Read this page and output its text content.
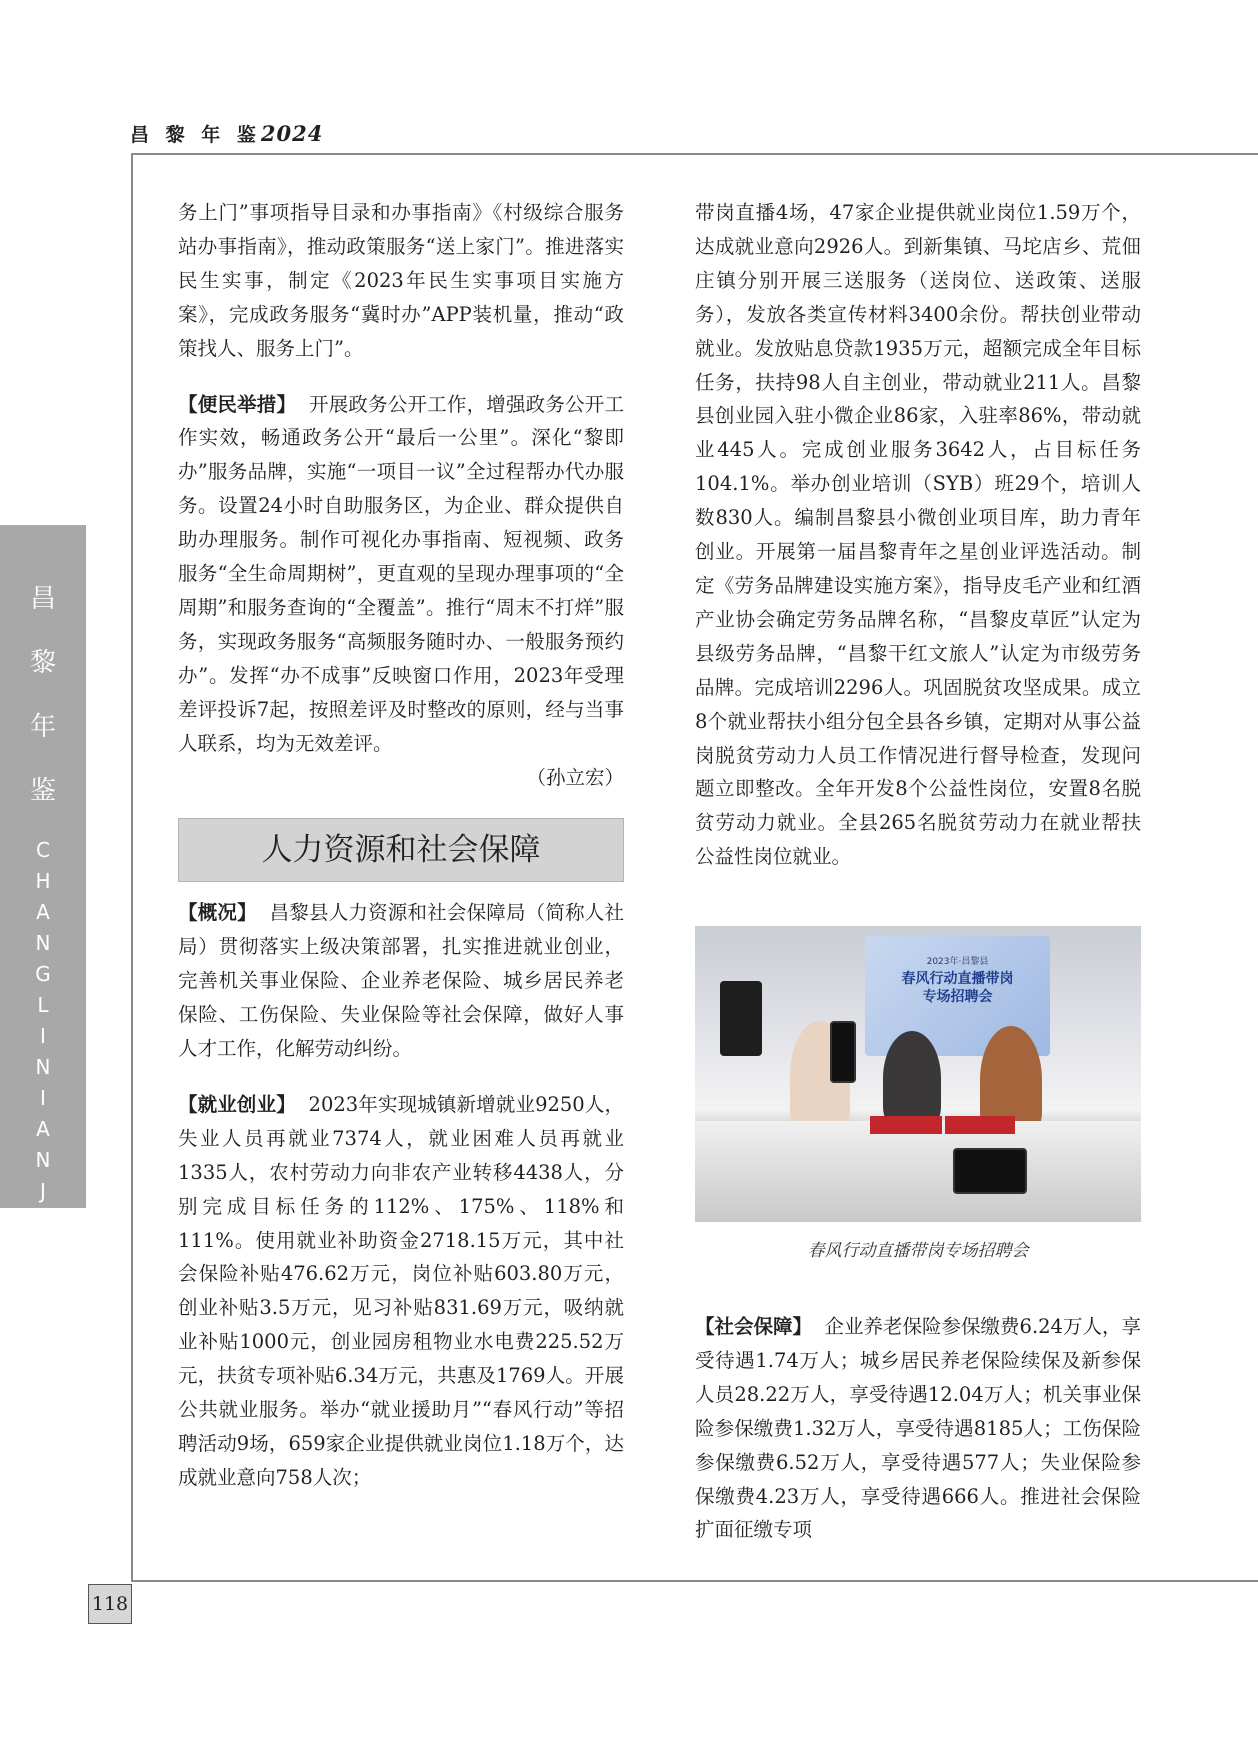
昌 黎 年 鉴2024
昌
黎
年
鉴
C
H
A
N
G
L
I
N
I
A
N
J
I
A
N
118

务上门”事项指导目录和办事指南》《村级综合服务站办事指南》，推动政策服务“送上家门”。推进落实民生实事，制定《2023年民生实事项目实施方案》，完成政务服务“冀时办”APP装机量，推动“政策找人、服务上门”。

【便民举措】 开展政务公开工作，增强政务公开工作实效，畅通政务公开“最后一公里”。深化“黎即办”服务品牌，实施“一项目一议”全过程帮办代办服务。设置24小时自助服务区，为企业、群众提供自助办理服务。制作可视化办事指南、短视频、政务服务“全生命周期树”，更直观的呈现办理事项的“全周期”和服务查询的“全覆盖”。推行“周末不打烊”服务，实现政务服务“高频服务随时办、一般服务预约办”。发挥“办不成事”反映窗口作用，2023年受理差评投诉7起，按照差评及时整改的原则，经与当事人联系，均为无效差评。

（孙立宏）

人力资源和社会保障

【概况】 昌黎县人力资源和社会保障局（简称人社局）贯彻落实上级决策部署，扎实推进就业创业，完善机关事业保险、企业养老保险、城乡居民养老保险、工伤保险、失业保险等社会保障，做好人事人才工作，化解劳动纠纷。

【就业创业】 2023年实现城镇新增就业9250人，失业人员再就业7374人，就业困难人员再就业1335人，农村劳动力向非农产业转移4438人，分别完成目标任务的112%、175%、118%和111%。使用就业补助资金2718.15万元，其中社会保险补贴476.62万元，岗位补贴603.80万元，创业补贴3.5万元，见习补贴831.69万元，吸纳就业补贴1000元，创业园房租物业水电费225.52万元，扶贫专项补贴6.34万元，共惠及1769人。开展公共就业服务。举办“就业援助月”“春风行动”等招聘活动9场，659家企业提供就业岗位1.18万个，达成就业意向758人次；

带岗直播4场，47家企业提供就业岗位1.59万个，达成就业意向2926人。到新集镇、马坨店乡、荒佃庄镇分别开展三送服务（送岗位、送政策、送服务），发放各类宣传材料3400余份。帮扶创业带动就业。发放贴息贷款1935万元，超额完成全年目标任务，扶持98人自主创业，带动就业211人。昌黎县创业园入驻小微企业86家，入驻率86%，带动就业445人。完成创业服务3642人，占目标任务104.1%。举办创业培训（SYB）班29个，培训人数830人。编制昌黎县小微创业项目库，助力青年创业。开展第一届昌黎青年之星创业评选活动。制定《劳务品牌建设实施方案》，指导皮毛产业和红酒产业协会确定劳务品牌名称，“昌黎皮草匠”认定为县级劳务品牌，“昌黎干红文旅人”认定为市级劳务品牌。完成培训2296人。巩固脱贫攻坚成果。成立8个就业帮扶小组分包全县各乡镇，定期对从事公益岗脱贫劳动力人员工作情况进行督导检查，发现问题立即整改。全年开发8个公益性岗位，安置8名脱贫劳动力就业。全县265名脱贫劳动力在就业帮扶公益性岗位就业。

2023年·昌黎县
春风行动直播带岗
专场招聘会
春风行动直播带岗专场招聘会

【社会保障】 企业养老保险参保缴费6.24万人，享受待遇1.74万人；城乡居民养老保险续保及新参保人员28.22万人，享受待遇12.04万人；机关事业保险参保缴费1.32万人，享受待遇8185人；工伤保险参保缴费6.52万人，享受待遇577人；失业保险参保缴费4.23万人，享受待遇666人。推进社会保险扩面征缴专项
